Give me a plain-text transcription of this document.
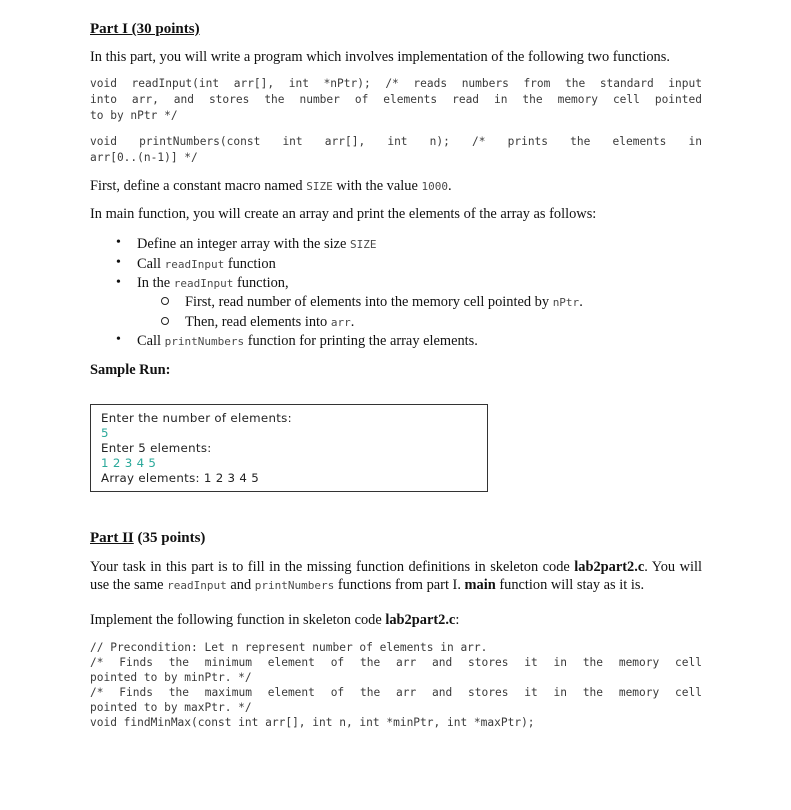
Part I (30 points)
In this part, you will write a program which involves implementation of the following two functions.
void readInput(int arr[], int *nPtr); /* reads numbers from the standard input
into arr, and stores the number of elements read in the memory cell pointed
to by nPtr */
void printNumbers(const int arr[], int n); /* prints the elements in
arr[0..(n-1)] */
First, define a constant macro named SIZE with the value 1000.
In main function, you will create an array and print the elements of the array as follows:
• Define an integer array with the size SIZE
• Call readInput function
• In the readInput function,
First, read number of elements into the memory cell pointed by nPtr.
Then, read elements into arr.
• Call printNumbers function for printing the array elements.
Sample Run:
Enter the number of elements:
5
Enter 5 elements:
1 2 3 4 5
Array elements: 1 2 3 4 5
Part II (35 points)
Your task in this part is to fill in the missing function definitions in skeleton code lab2part2.c. You will
use the same readInput and printNumbers functions from part I. main function will stay as it is.
Implement the following function in skeleton code lab2part2.c:
// Precondition: Let n represent number of elements in arr.
/* Finds the minimum element of the arr and stores it in the memory cell
pointed to by minPtr. */
/* Finds the maximum element of the arr and stores it in the memory cell
pointed to by maxPtr. */
void findMinMax(const int arr[], int n, int *minPtr, int *maxPtr);
